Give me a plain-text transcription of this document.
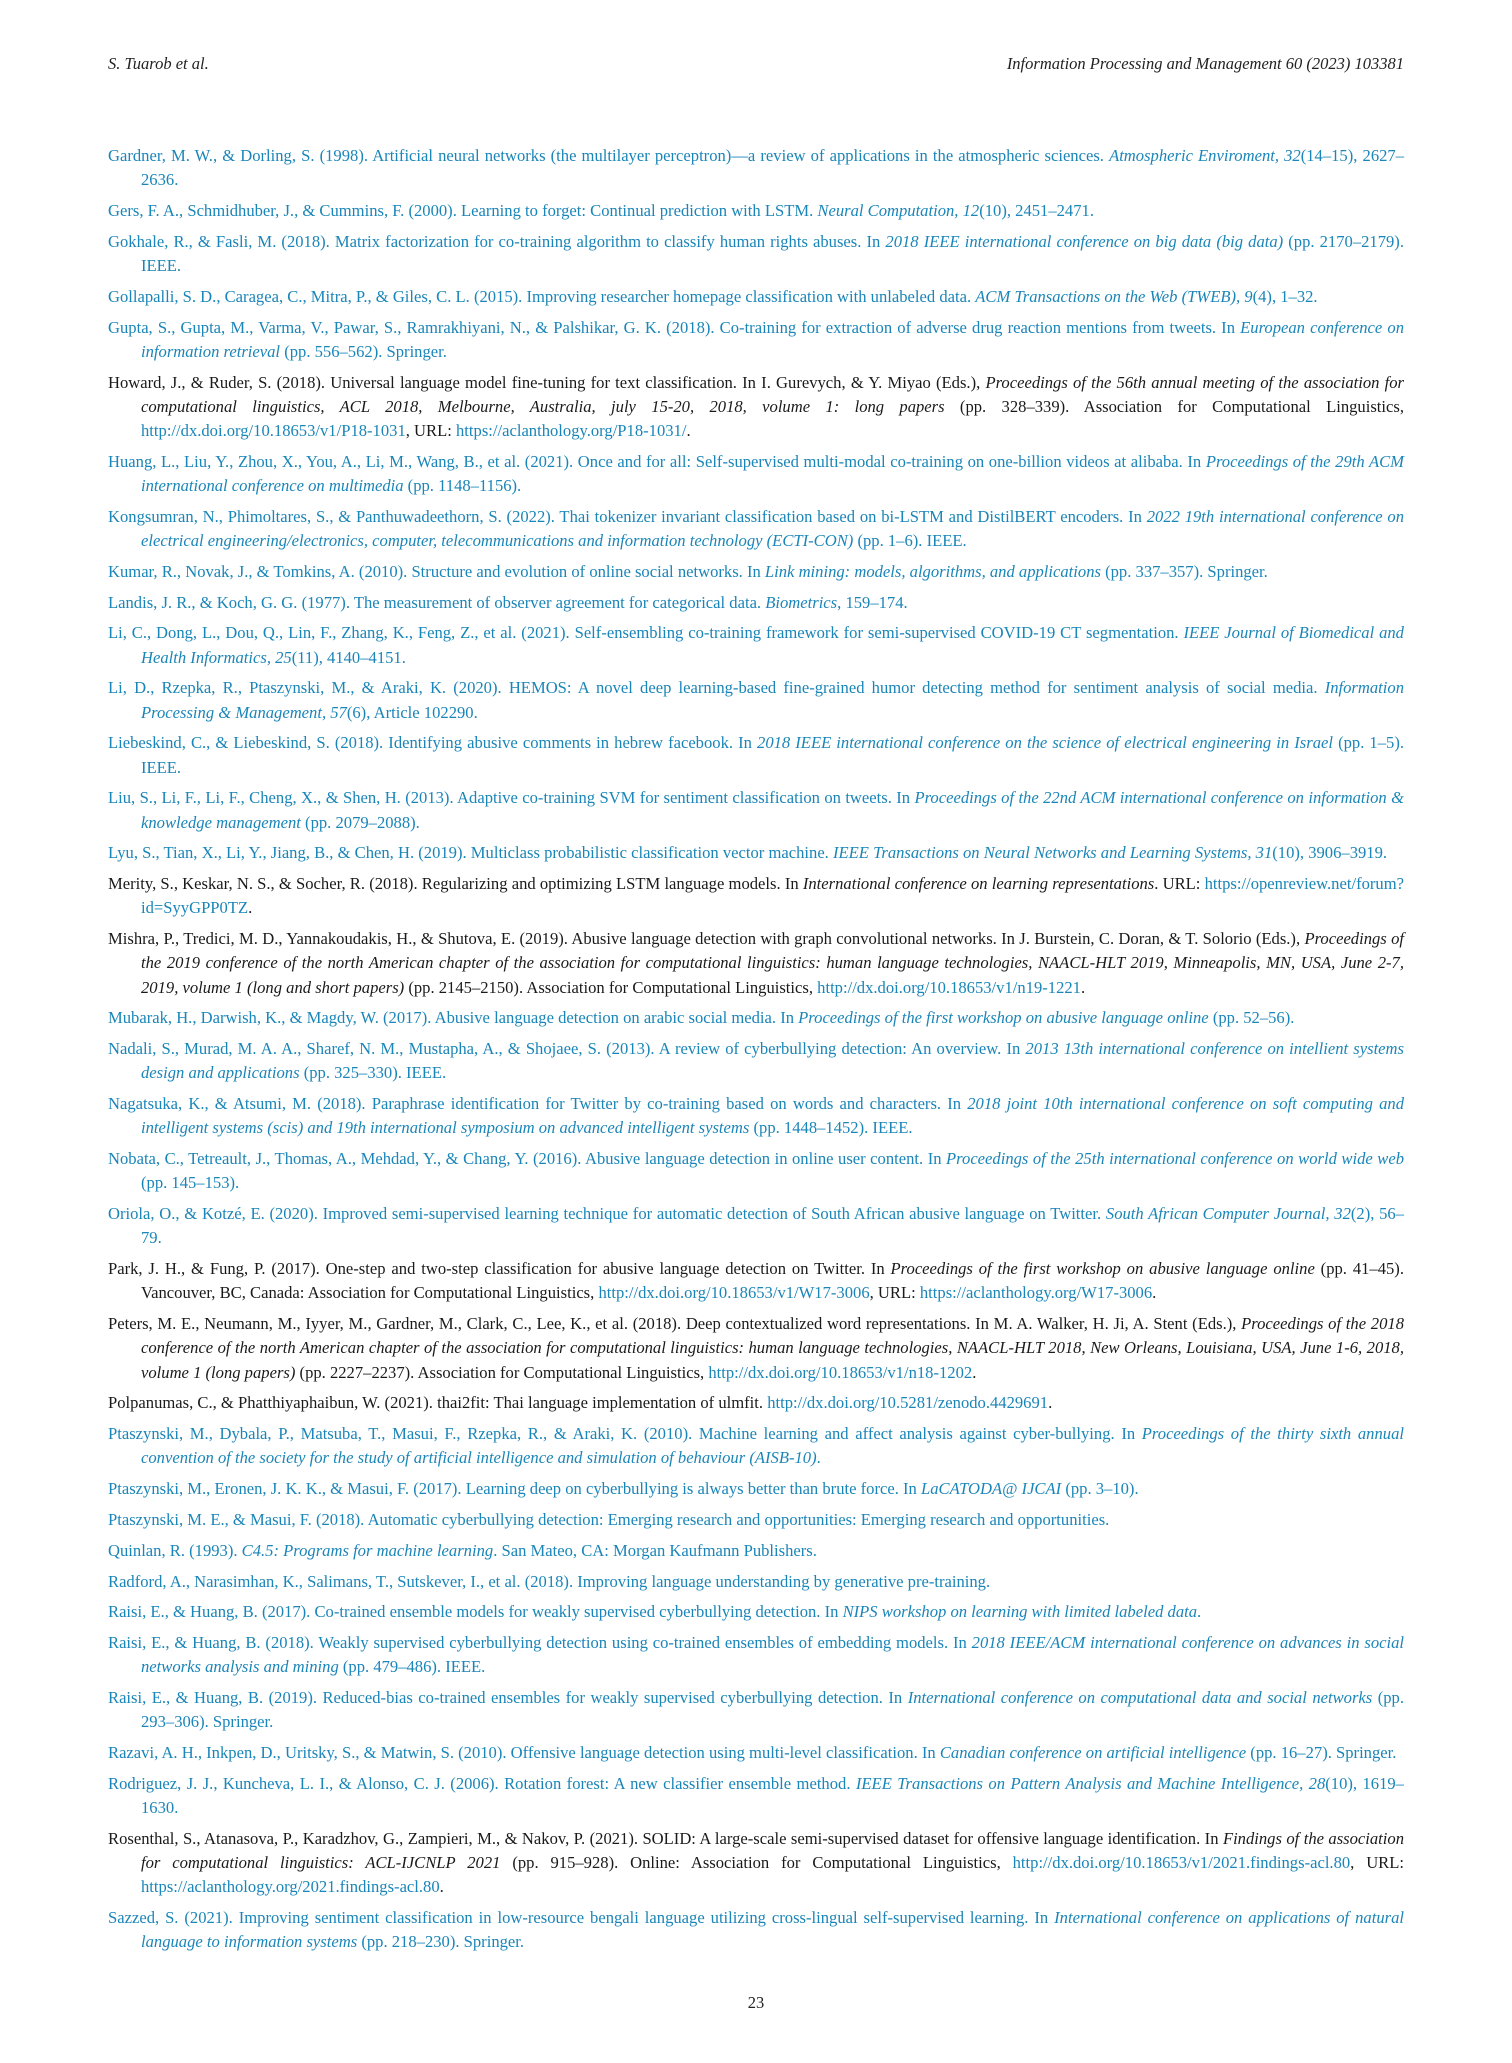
S. Tuarob et al.	Information Processing and Management 60 (2023) 103381
Gardner, M. W., & Dorling, S. (1998). Artificial neural networks (the multilayer perceptron)—a review of applications in the atmospheric sciences. Atmospheric Enviroment, 32(14–15), 2627–2636.
Gers, F. A., Schmidhuber, J., & Cummins, F. (2000). Learning to forget: Continual prediction with LSTM. Neural Computation, 12(10), 2451–2471.
Gokhale, R., & Fasli, M. (2018). Matrix factorization for co-training algorithm to classify human rights abuses. In 2018 IEEE international conference on big data (big data) (pp. 2170–2179). IEEE.
Gollapalli, S. D., Caragea, C., Mitra, P., & Giles, C. L. (2015). Improving researcher homepage classification with unlabeled data. ACM Transactions on the Web (TWEB), 9(4), 1–32.
Gupta, S., Gupta, M., Varma, V., Pawar, S., Ramrakhiyani, N., & Palshikar, G. K. (2018). Co-training for extraction of adverse drug reaction mentions from tweets. In European conference on information retrieval (pp. 556–562). Springer.
Howard, J., & Ruder, S. (2018). Universal language model fine-tuning for text classification. In I. Gurevych, & Y. Miyao (Eds.), Proceedings of the 56th annual meeting of the association for computational linguistics, ACL 2018, Melbourne, Australia, july 15-20, 2018, volume 1: long papers (pp. 328–339). Association for Computational Linguistics, http://dx.doi.org/10.18653/v1/P18-1031, URL: https://aclanthology.org/P18-1031/.
Huang, L., Liu, Y., Zhou, X., You, A., Li, M., Wang, B., et al. (2021). Once and for all: Self-supervised multi-modal co-training on one-billion videos at alibaba. In Proceedings of the 29th ACM international conference on multimedia (pp. 1148–1156).
Kongsumran, N., Phimoltares, S., & Panthuwadeethorn, S. (2022). Thai tokenizer invariant classification based on bi-LSTM and DistilBERT encoders. In 2022 19th international conference on electrical engineering/electronics, computer, telecommunications and information technology (ECTI-CON) (pp. 1–6). IEEE.
Kumar, R., Novak, J., & Tomkins, A. (2010). Structure and evolution of online social networks. In Link mining: models, algorithms, and applications (pp. 337–357). Springer.
Landis, J. R., & Koch, G. G. (1977). The measurement of observer agreement for categorical data. Biometrics, 159–174.
Li, C., Dong, L., Dou, Q., Lin, F., Zhang, K., Feng, Z., et al. (2021). Self-ensembling co-training framework for semi-supervised COVID-19 CT segmentation. IEEE Journal of Biomedical and Health Informatics, 25(11), 4140–4151.
Li, D., Rzepka, R., Ptaszynski, M., & Araki, K. (2020). HEMOS: A novel deep learning-based fine-grained humor detecting method for sentiment analysis of social media. Information Processing & Management, 57(6), Article 102290.
Liebeskind, C., & Liebeskind, S. (2018). Identifying abusive comments in hebrew facebook. In 2018 IEEE international conference on the science of electrical engineering in Israel (pp. 1–5). IEEE.
Liu, S., Li, F., Li, F., Cheng, X., & Shen, H. (2013). Adaptive co-training SVM for sentiment classification on tweets. In Proceedings of the 22nd ACM international conference on information & knowledge management (pp. 2079–2088).
Lyu, S., Tian, X., Li, Y., Jiang, B., & Chen, H. (2019). Multiclass probabilistic classification vector machine. IEEE Transactions on Neural Networks and Learning Systems, 31(10), 3906–3919.
Merity, S., Keskar, N. S., & Socher, R. (2018). Regularizing and optimizing LSTM language models. In International conference on learning representations. URL: https://openreview.net/forum?id=SyyGPP0TZ.
Mishra, P., Tredici, M. D., Yannakoudakis, H., & Shutova, E. (2019). Abusive language detection with graph convolutional networks. In J. Burstein, C. Doran, & T. Solorio (Eds.), Proceedings of the 2019 conference of the north American chapter of the association for computational linguistics: human language technologies, NAACL-HLT 2019, Minneapolis, MN, USA, June 2-7, 2019, volume 1 (long and short papers) (pp. 2145–2150). Association for Computational Linguistics, http://dx.doi.org/10.18653/v1/n19-1221.
Mubarak, H., Darwish, K., & Magdy, W. (2017). Abusive language detection on arabic social media. In Proceedings of the first workshop on abusive language online (pp. 52–56).
Nadali, S., Murad, M. A. A., Sharef, N. M., Mustapha, A., & Shojaee, S. (2013). A review of cyberbullying detection: An overview. In 2013 13th international conference on intellient systems design and applications (pp. 325–330). IEEE.
Nagatsuka, K., & Atsumi, M. (2018). Paraphrase identification for Twitter by co-training based on words and characters. In 2018 joint 10th international conference on soft computing and intelligent systems (scis) and 19th international symposium on advanced intelligent systems (pp. 1448–1452). IEEE.
Nobata, C., Tetreault, J., Thomas, A., Mehdad, Y., & Chang, Y. (2016). Abusive language detection in online user content. In Proceedings of the 25th international conference on world wide web (pp. 145–153).
Oriola, O., & Kotzé, E. (2020). Improved semi-supervised learning technique for automatic detection of South African abusive language on Twitter. South African Computer Journal, 32(2), 56–79.
Park, J. H., & Fung, P. (2017). One-step and two-step classification for abusive language detection on Twitter. In Proceedings of the first workshop on abusive language online (pp. 41–45). Vancouver, BC, Canada: Association for Computational Linguistics, http://dx.doi.org/10.18653/v1/W17-3006, URL: https://aclanthology.org/W17-3006.
Peters, M. E., Neumann, M., Iyyer, M., Gardner, M., Clark, C., Lee, K., et al. (2018). Deep contextualized word representations. In M. A. Walker, H. Ji, A. Stent (Eds.), Proceedings of the 2018 conference of the north American chapter of the association for computational linguistics: human language technologies, NAACL-HLT 2018, New Orleans, Louisiana, USA, June 1-6, 2018, volume 1 (long papers) (pp. 2227–2237). Association for Computational Linguistics, http://dx.doi.org/10.18653/v1/n18-1202.
Polpanumas, C., & Phatthiyaphaibun, W. (2021). thai2fit: Thai language implementation of ulmfit. http://dx.doi.org/10.5281/zenodo.4429691.
Ptaszynski, M., Dybala, P., Matsuba, T., Masui, F., Rzepka, R., & Araki, K. (2010). Machine learning and affect analysis against cyber-bullying. In Proceedings of the thirty sixth annual convention of the society for the study of artificial intelligence and simulation of behaviour (AISB-10).
Ptaszynski, M., Eronen, J. K. K., & Masui, F. (2017). Learning deep on cyberbullying is always better than brute force. In LaCATODA@ IJCAI (pp. 3–10).
Ptaszynski, M. E., & Masui, F. (2018). Automatic cyberbullying detection: Emerging research and opportunities: Emerging research and opportunities.
Quinlan, R. (1993). C4.5: Programs for machine learning. San Mateo, CA: Morgan Kaufmann Publishers.
Radford, A., Narasimhan, K., Salimans, T., Sutskever, I., et al. (2018). Improving language understanding by generative pre-training.
Raisi, E., & Huang, B. (2017). Co-trained ensemble models for weakly supervised cyberbullying detection. In NIPS workshop on learning with limited labeled data.
Raisi, E., & Huang, B. (2018). Weakly supervised cyberbullying detection using co-trained ensembles of embedding models. In 2018 IEEE/ACM international conference on advances in social networks analysis and mining (pp. 479–486). IEEE.
Raisi, E., & Huang, B. (2019). Reduced-bias co-trained ensembles for weakly supervised cyberbullying detection. In International conference on computational data and social networks (pp. 293–306). Springer.
Razavi, A. H., Inkpen, D., Uritsky, S., & Matwin, S. (2010). Offensive language detection using multi-level classification. In Canadian conference on artificial intelligence (pp. 16–27). Springer.
Rodriguez, J. J., Kuncheva, L. I., & Alonso, C. J. (2006). Rotation forest: A new classifier ensemble method. IEEE Transactions on Pattern Analysis and Machine Intelligence, 28(10), 1619–1630.
Rosenthal, S., Atanasova, P., Karadzhov, G., Zampieri, M., & Nakov, P. (2021). SOLID: A large-scale semi-supervised dataset for offensive language identification. In Findings of the association for computational linguistics: ACL-IJCNLP 2021 (pp. 915–928). Online: Association for Computational Linguistics, http://dx.doi.org/10.18653/v1/2021.findings-acl.80, URL: https://aclanthology.org/2021.findings-acl.80.
Sazzed, S. (2021). Improving sentiment classification in low-resource bengali language utilizing cross-lingual self-supervised learning. In International conference on applications of natural language to information systems (pp. 218–230). Springer.
23
